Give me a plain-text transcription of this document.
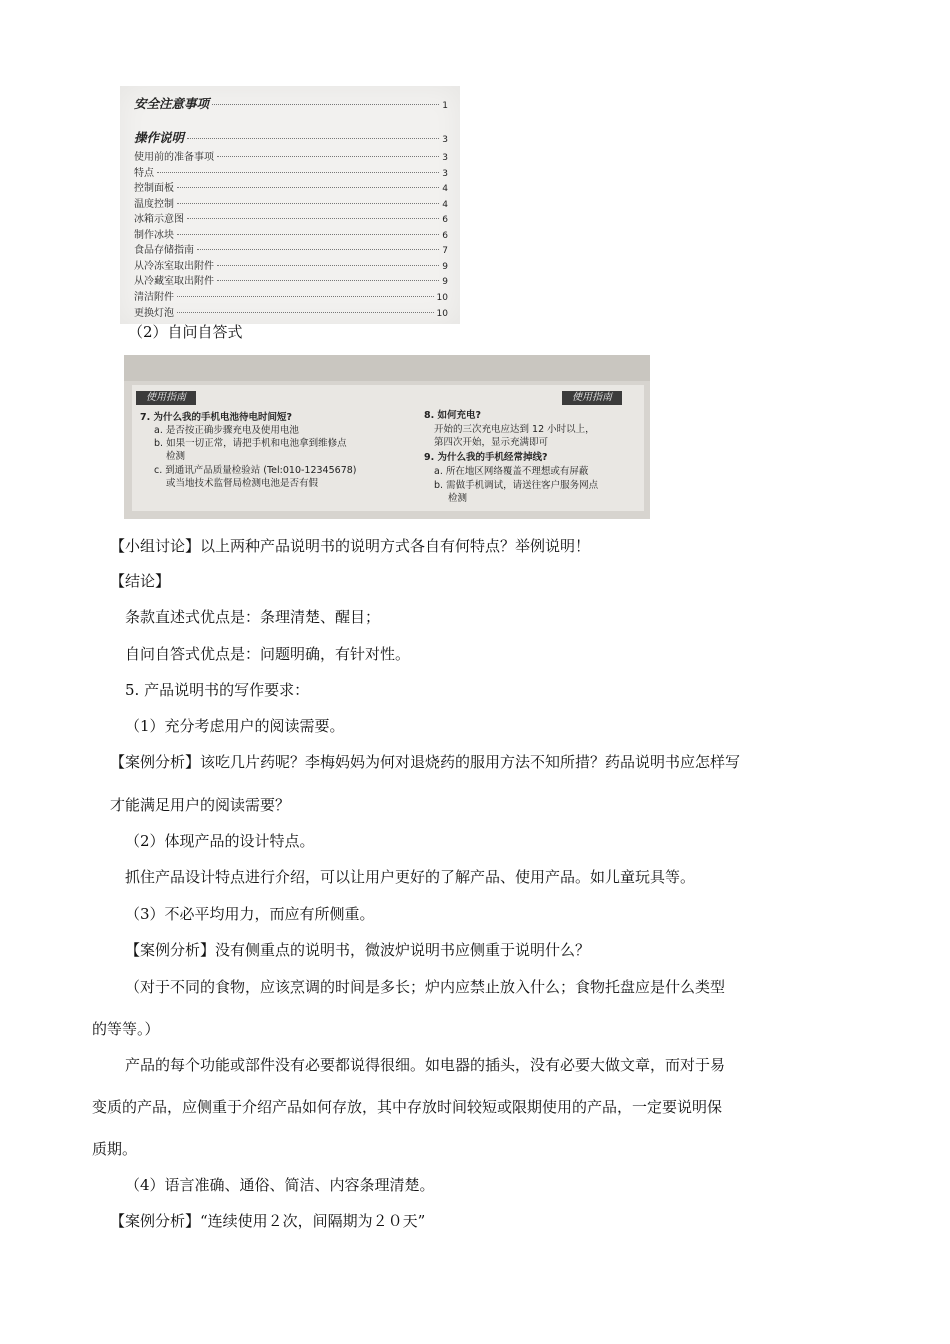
安全注意事项	1
操作说明	3
使用前的准备事项	3
特点	3
控制面板	4
温度控制	4
冰箱示意图	6
制作冰块	6
食品存储指南	7
从冷冻室取出附件	9
从冷藏室取出附件	9
清洁附件	10
更换灯泡	10
（2）自问自答式
使用指南	使用指南
7. 为什么我的手机电池待电时间短?
a. 是否按正确步骤充电及使用电池
b. 如果一切正常，请把手机和电池拿到维修点
检测
c. 到通讯产品质量检验站 (Tel:010-12345678)
或当地技术监督局检测电池是否有假
8. 如何充电?
开始的三次充电应达到 12 小时以上，
第四次开始，显示充满即可
9. 为什么我的手机经常掉线?
a. 所在地区网络覆盖不理想或有屏蔽
b. 需做手机调试，请送往客户服务网点
检测
【小组讨论】以上两种产品说明书的说明方式各自有何特点？举例说明！
【结论】
条款直述式优点是：条理清楚、醒目；
自问自答式优点是：问题明确，有针对性。
5. 产品说明书的写作要求：
（1）充分考虑用户的阅读需要。
【案例分析】该吃几片药呢？李梅妈妈为何对退烧药的服用方法不知所措？药品说明书应怎样写
才能满足用户的阅读需要？
（2）体现产品的设计特点。
抓住产品设计特点进行介绍，可以让用户更好的了解产品、使用产品。如儿童玩具等。
（3）不必平均用力，而应有所侧重。
【案例分析】没有侧重点的说明书，微波炉说明书应侧重于说明什么？
（对于不同的食物，应该烹调的时间是多长；炉内应禁止放入什么；食物托盘应是什么类型
的等等。）
产品的每个功能或部件没有必要都说得很细。如电器的插头，没有必要大做文章，而对于易
变质的产品，应侧重于介绍产品如何存放，其中存放时间较短或限期使用的产品，一定要说明保
质期。
（4）语言准确、通俗、简洁、内容条理清楚。
【案例分析】“连续使用２次，间隔期为２０天”
